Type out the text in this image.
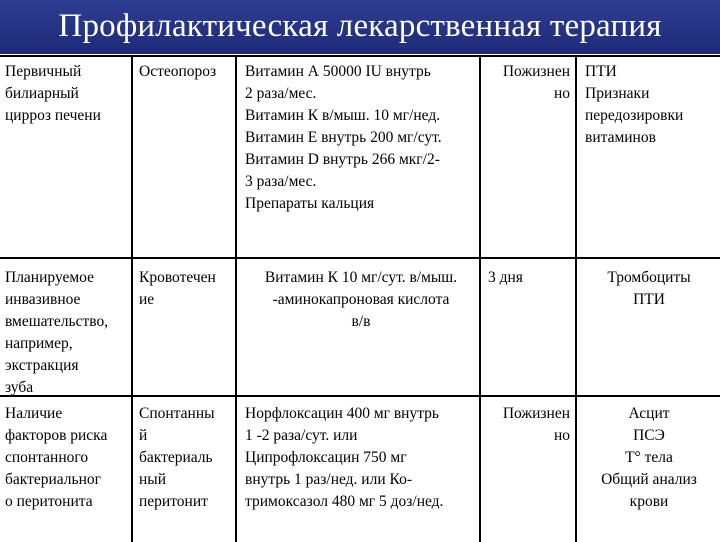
Профилактическая лекарственная терапия
Первичный
билиарный
цирроз печени
Остеопороз	Витамин А 50000 IU внутрь
2 раза/мес.
Витамин К в/мыш. 10 мг/нед.
Витамин Е внутрь 200 мг/сут.
Витамин D внутрь 266 мкг/2-
3 раза/мес.
Препараты кальция
Пожизнен
но
ПТИ
Признаки
передозировки
витаминов
Планируемое
инвазивное
вмешательство,
например,
экстракция
зуба
Кровотечен
ие
Витамин К 10 мг/сут. в/мыш.
-аминокапроновая кислота
в/в
3 дня	Тромбоциты
ПТИ
Наличие
факторов риска
спонтанного
бактериальног
о перитонита
Спонтанны
й
бактериаль
ный
перитонит
Норфлоксацин 400 мг внутрь
1 -2 раза/сут. или
Ципрофлоксацин 750 мг
внутрь 1 раз/нед. или Ко-
тримоксазол 480 мг 5 доз/нед.
Пожизнен
но
Асцит
ПСЭ
Т° тела
Общий анализ
крови
